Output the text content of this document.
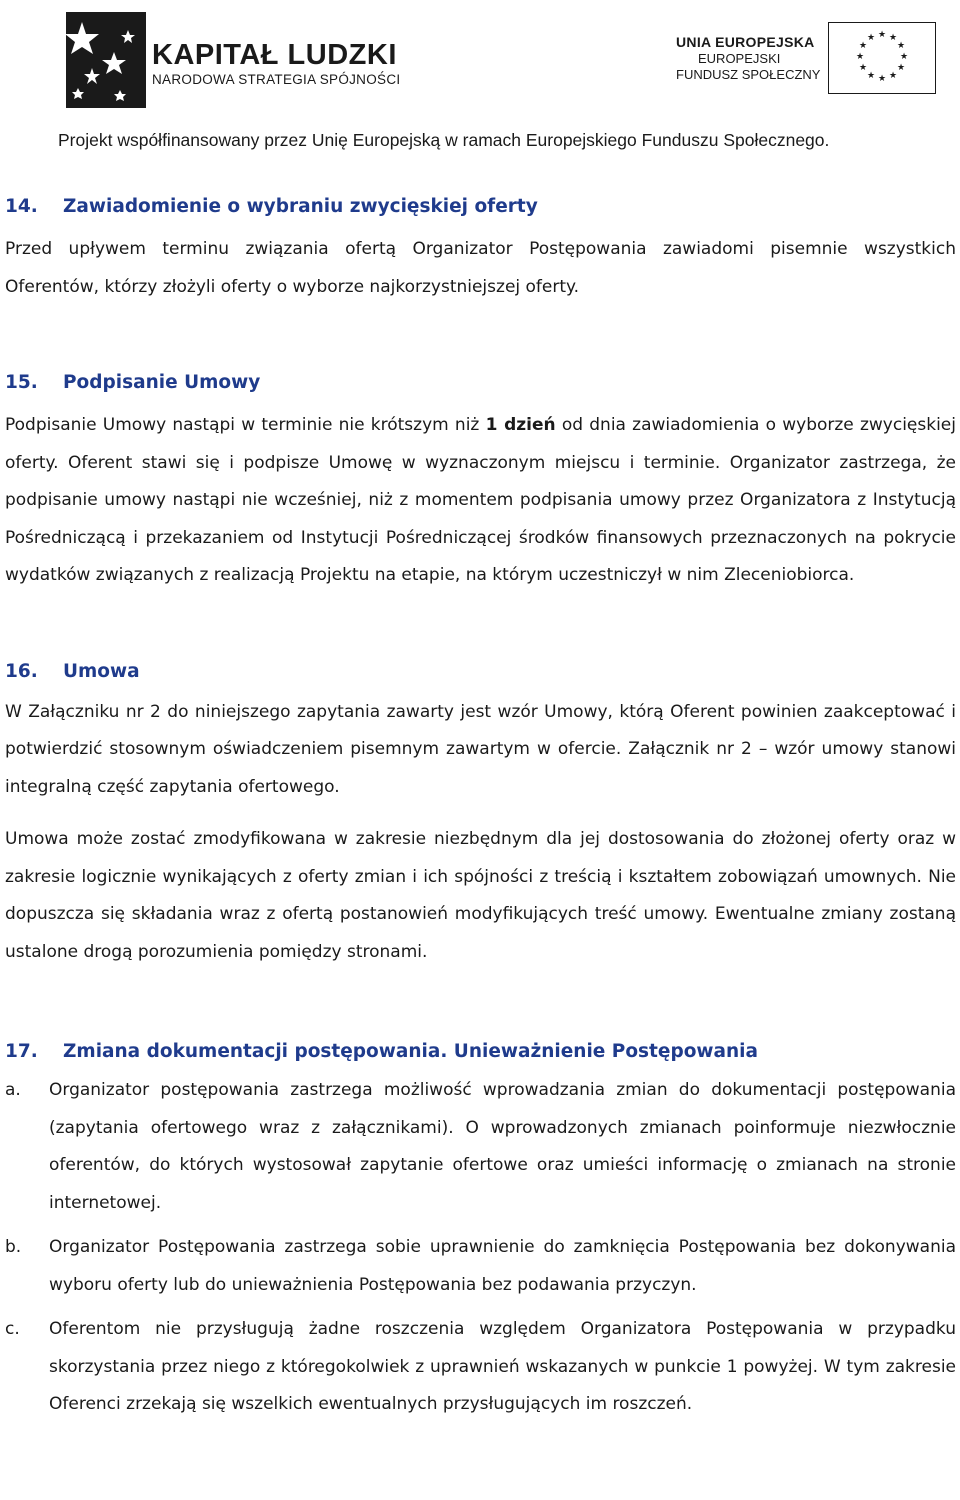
KAPITAŁ LUDZKI
NARODOWA STRATEGIA SPÓJNOŚCI
UNIA EUROPEJSKA
EUROPEJSKI
FUNDUSZ SPOŁECZNY
★ ★
★
★
★
★
★
★
★
★
★
★
Projekt współfinansowany przez Unię Europejską w ramach Europejskiego Funduszu Społecznego.
14.	Zawiadomienie o wybraniu zwycięskiej oferty

Przed upływem terminu związania ofertą Organizator Postępowania zawiadomi pisemnie wszystkich Oferentów, którzy złożyli oferty o wyborze najkorzystniejszej oferty.

15.	Podpisanie Umowy

Podpisanie Umowy nastąpi w terminie nie krótszym niż 1 dzień od dnia zawiadomienia o wyborze zwycięskiej oferty. Oferent stawi się i podpisze Umowę w wyznaczonym miejscu i terminie. Organizator zastrzega, że podpisanie umowy nastąpi nie wcześniej, niż z momentem podpisania umowy przez Organizatora z Instytucją Pośredniczącą i przekazaniem od Instytucji Pośredniczącej środków finansowych przeznaczonych na pokrycie wydatków związanych z realizacją Projektu na etapie, na którym uczestniczył w nim Zleceniobiorca.

16.	Umowa

W Załączniku nr 2 do niniejszego zapytania zawarty jest wzór Umowy, którą Oferent powinien zaakceptować i potwierdzić stosownym oświadczeniem pisemnym zawartym w ofercie. Załącznik nr 2 – wzór umowy stanowi integralną część zapytania ofertowego.

Umowa może zostać zmodyfikowana w zakresie niezbędnym dla jej dostosowania do złożonej oferty oraz w zakresie logicznie wynikających z oferty zmian i ich spójności z treścią i kształtem zobowiązań umownych. Nie dopuszcza się składania wraz z ofertą postanowień modyfikujących treść umowy. Ewentualne zmiany zostaną ustalone drogą porozumienia pomiędzy stronami.

17.	Zmiana dokumentacji postępowania. Unieważnienie Postępowania
a.	Organizator postępowania zastrzega możliwość wprowadzania zmian do dokumentacji postępowania (zapytania ofertowego wraz z załącznikami). O wprowadzonych zmianach poinformuje niezwłocznie oferentów, do których wystosował zapytanie ofertowe oraz umieści informację o zmianach na stronie internetowej.
b.	Organizator Postępowania zastrzega sobie uprawnienie do zamknięcia Postępowania bez dokonywania wyboru oferty lub do unieważnienia Postępowania bez podawania przyczyn.
c.	Oferentom nie przysługują żadne roszczenia względem Organizatora Postępowania w przypadku skorzystania przez niego z któregokolwiek z uprawnień wskazanych w punkcie 1 powyżej. W tym zakresie Oferenci zrzekają się wszelkich ewentualnych przysługujących im roszczeń.
